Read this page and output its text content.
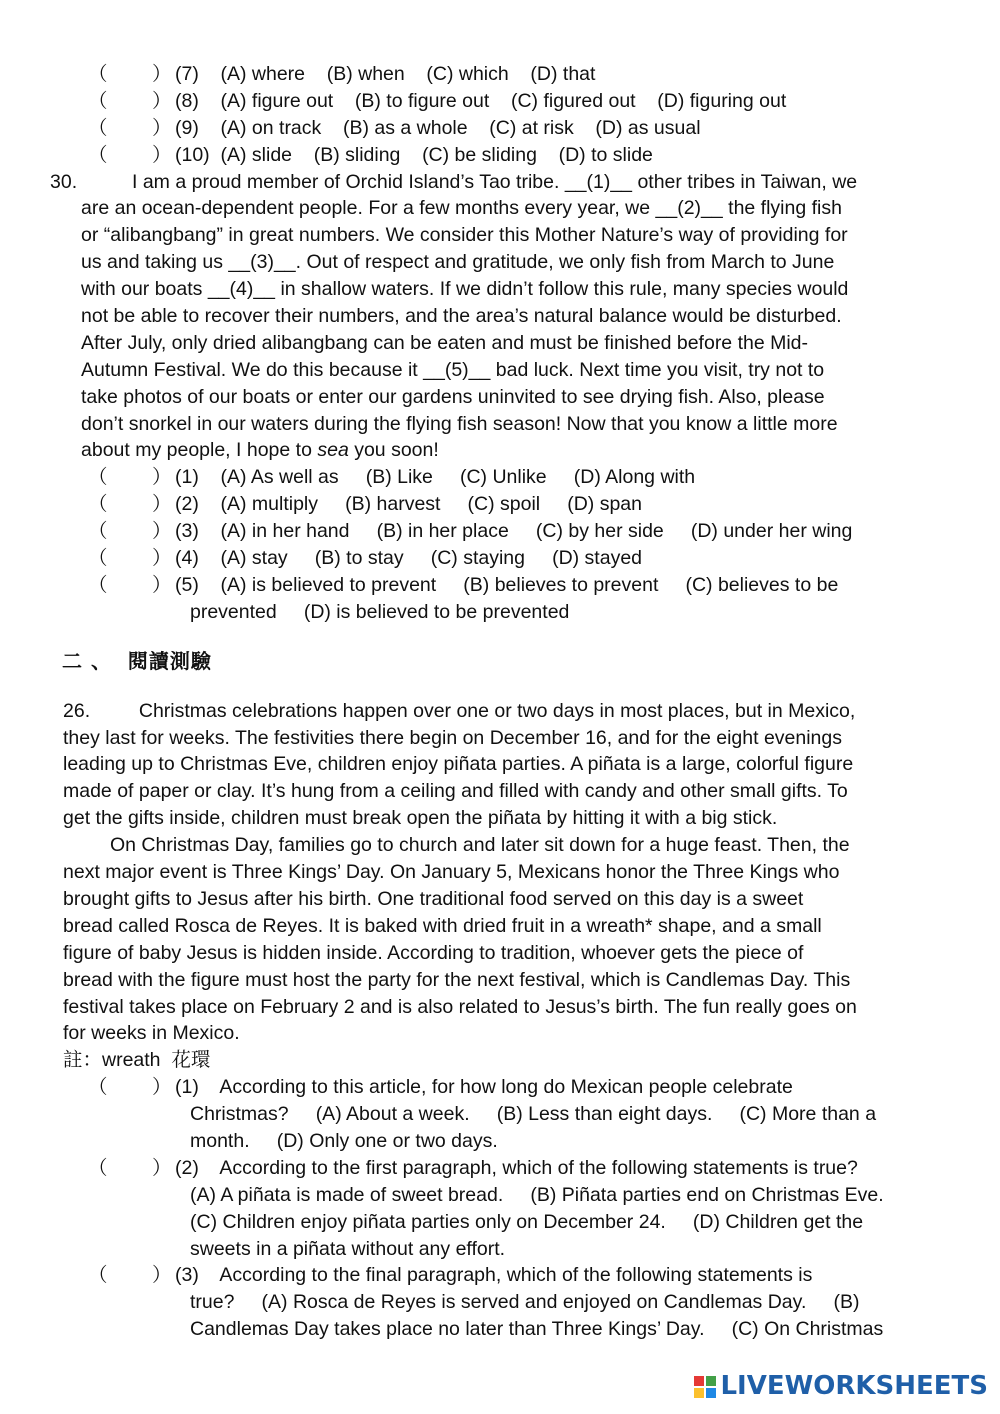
（ ） (7)    (A) where    (B) when    (C) which    (D) that
（ ） (8)    (A) figure out    (B) to figure out    (C) figured out    (D) figuring out
（ ） (9)    (A) on track    (B) as a whole    (C) at risk    (D) as usual
（ ） (10)  (A) slide    (B) sliding    (C) be sliding    (D) to slide
30.	I am a proud member of Orchid Island’s Tao tribe. __(1)__ other tribes in Taiwan, we
are an ocean-dependent people. For a few months every year, we __(2)__ the flying fish
or “alibangbang” in great numbers. We consider this Mother Nature’s way of providing for
us and taking us __(3)__. Out of respect and gratitude, we only fish from March to June
with our boats __(4)__ in shallow waters. If we didn’t follow this rule, many species would
not be able to recover their numbers, and the area’s natural balance would be disturbed.
After July, only dried alibangbang can be eaten and must be finished before the Mid-
Autumn Festival. We do this because it __(5)__ bad luck. Next time you visit, try not to
take photos of our boats or enter our gardens uninvited to see drying fish. Also, please
don’t snorkel in our waters during the flying fish season! Now that you know a little more
about my people, I hope to sea you soon!
（ ） (1)    (A) As well as     (B) Like     (C) Unlike     (D) Along with
（ ） (2)    (A) multiply     (B) harvest     (C) spoil     (D) span
（ ） (3)    (A) in her hand     (B) in her place     (C) by her side     (D) under her wing
（ ） (4)    (A) stay     (B) to stay     (C) staying     (D) stayed
（ ） (5)    (A) is believed to prevent     (B) believes to prevent     (C) believes to be
prevented     (D) is believed to be prevented
二 、  閱讀測驗
26.         Christmas celebrations happen over one or two days in most places, but in Mexico,
they last for weeks. The festivities there begin on December 16, and for the eight evenings
leading up to Christmas Eve, children enjoy piñata parties. A piñata is a large, colorful figure
made of paper or clay. It’s hung from a ceiling and filled with candy and other small gifts. To
get the gifts inside, children must break open the piñata by hitting it with a big stick.
On Christmas Day, families go to church and later sit down for a huge feast. Then, the
next major event is Three Kings’ Day. On January 5, Mexicans honor the Three Kings who
brought gifts to Jesus after his birth. One traditional food served on this day is a sweet
bread called Rosca de Reyes. It is baked with dried fruit in a wreath* shape, and a small
figure of baby Jesus is hidden inside. According to tradition, whoever gets the piece of
bread with the figure must host the party for the next festival, which is Candlemas Day. This
festival takes place on February 2 and is also related to Jesus’s birth. The fun really goes on
for weeks in Mexico.
註：wreath  花環
（ ） (1)    According to this article, for how long do Mexican people celebrate
Christmas?     (A) About a week.     (B) Less than eight days.     (C) More than a
month.     (D) Only one or two days.
（ ） (2)    According to the first paragraph, which of the following statements is true?
(A) A piñata is made of sweet bread.     (B) Piñata parties end on Christmas Eve.
(C) Children enjoy piñata parties only on December 24.     (D) Children get the
sweets in a piñata without any effort.
（ ） (3)    According to the final paragraph, which of the following statements is
true?     (A) Rosca de Reyes is served and enjoyed on Candlemas Day.     (B)
Candlemas Day takes place no later than Three Kings’ Day.     (C) On Christmas
LIVEWORKSHEETS
